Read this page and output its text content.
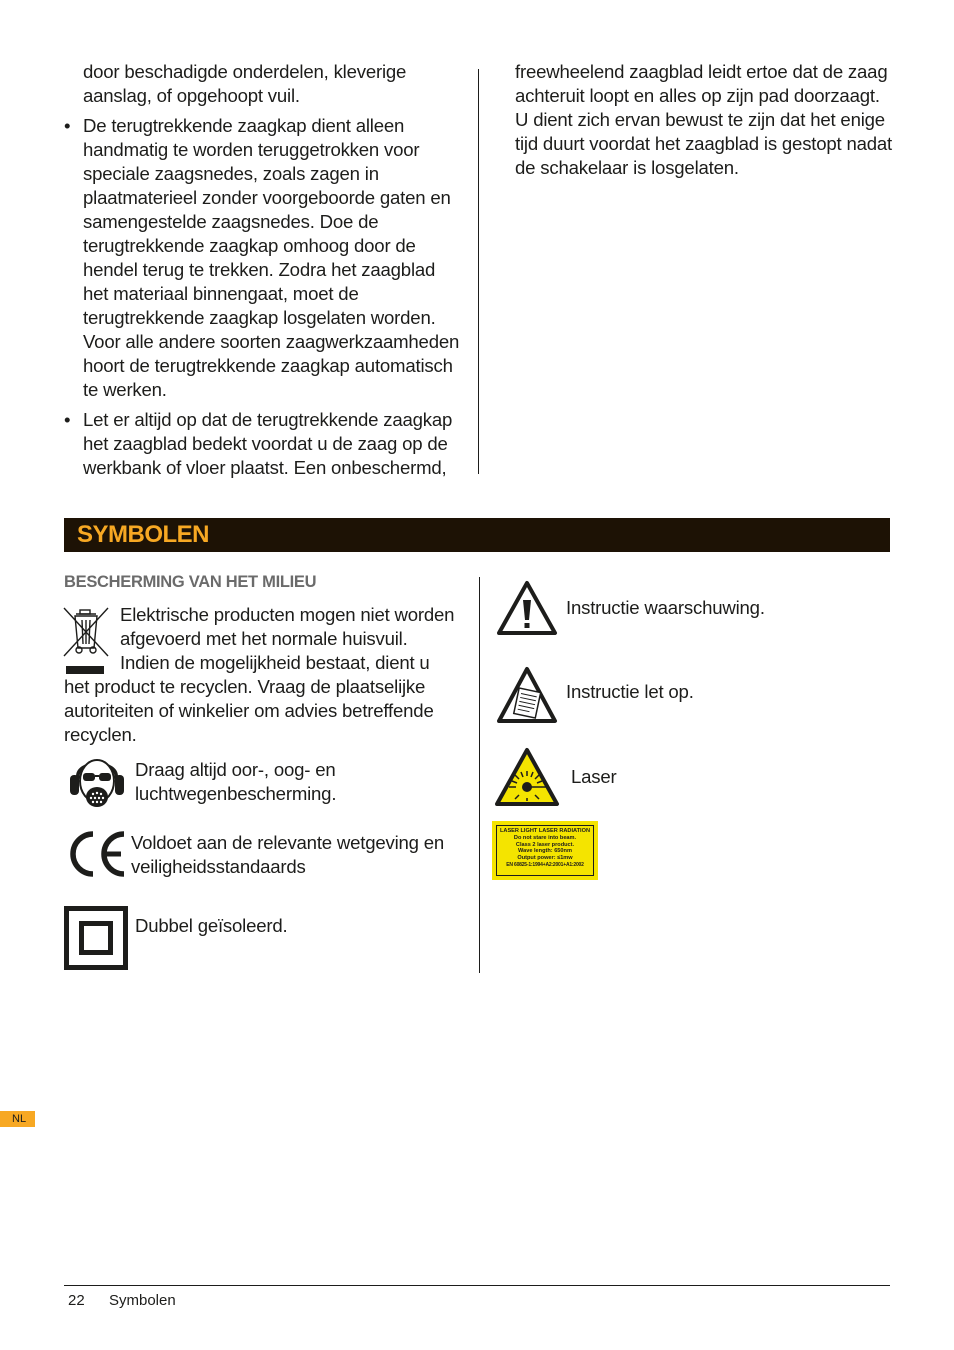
door beschadigde onderdelen, kleverige aanslag, of opgehoopt vuil.

• De terugtrekkende zaagkap dient alleen handmatig te worden teruggetrokken voor speciale zaagsnedes, zoals zagen in plaatmaterieel zonder voorgeboorde gaten en samengestelde zaagsnedes. Doe de terugtrekkende zaagkap omhoog door de hendel terug te trekken. Zodra het zaagblad het materiaal binnengaat, moet de terugtrekkende zaagkap losgelaten worden. Voor alle andere soorten zaagwerkzaamheden hoort de terugtrekkende zaagkap automatisch te werken.
• Let er altijd op dat de terugtrekkende zaagkap het zaagblad bedekt voordat u de zaag op de werkbank of vloer plaatst. Een onbeschermd,

freewheelend zaagblad leidt ertoe dat de zaag achteruit loopt en alles op zijn pad doorzaagt. U dient zich ervan bewust te zijn dat het enige tijd duurt voordat het zaagblad is gestopt nadat de schakelaar is losgelaten.

SYMBOLEN
BESCHERMING VAN HET MILIEU
Elektrische producten mogen niet worden afgevoerd met het normale huisvuil. Indien de mogelijkheid bestaat, dient u
het product te recyclen. Vraag de plaatselijke autoriteiten of winkelier om advies betreffende recyclen.
Draag altijd oor-, oog- en luchtwegenbescherming.
Voldoet aan de relevante wetgeving en veiligheidsstandaards
Dubbel geïsoleerd.
Instructie waarschuwing.
Instructie let op.
Laser
LASER LIGHT LASER RADIATION
Do not stare into beam.
Class 2 laser product.
Wave length: 650nm
Output power: ≤1mw
EN 60825-1:1994+A2:2001+A1:2002
NL
22 Symbolen
